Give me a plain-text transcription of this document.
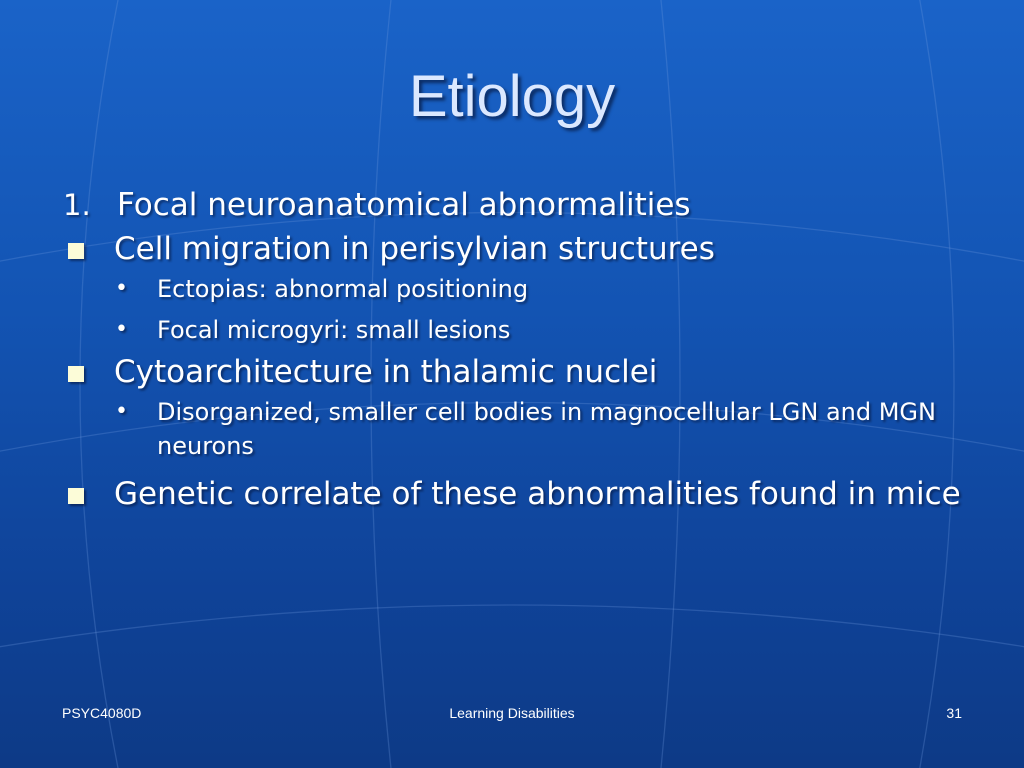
Etiology
1. Focal neuroanatomical abnormalities
Cell migration in perisylvian structures
•	Ectopias: abnormal positioning
•	Focal microgyri: small lesions
Cytoarchitecture in thalamic nuclei
•	Disorganized, smaller cell bodies in magnocellular LGN and MGN neurons
Genetic correlate of these abnormalities found in mice
PSYC4080D	Learning Disabilities	31
